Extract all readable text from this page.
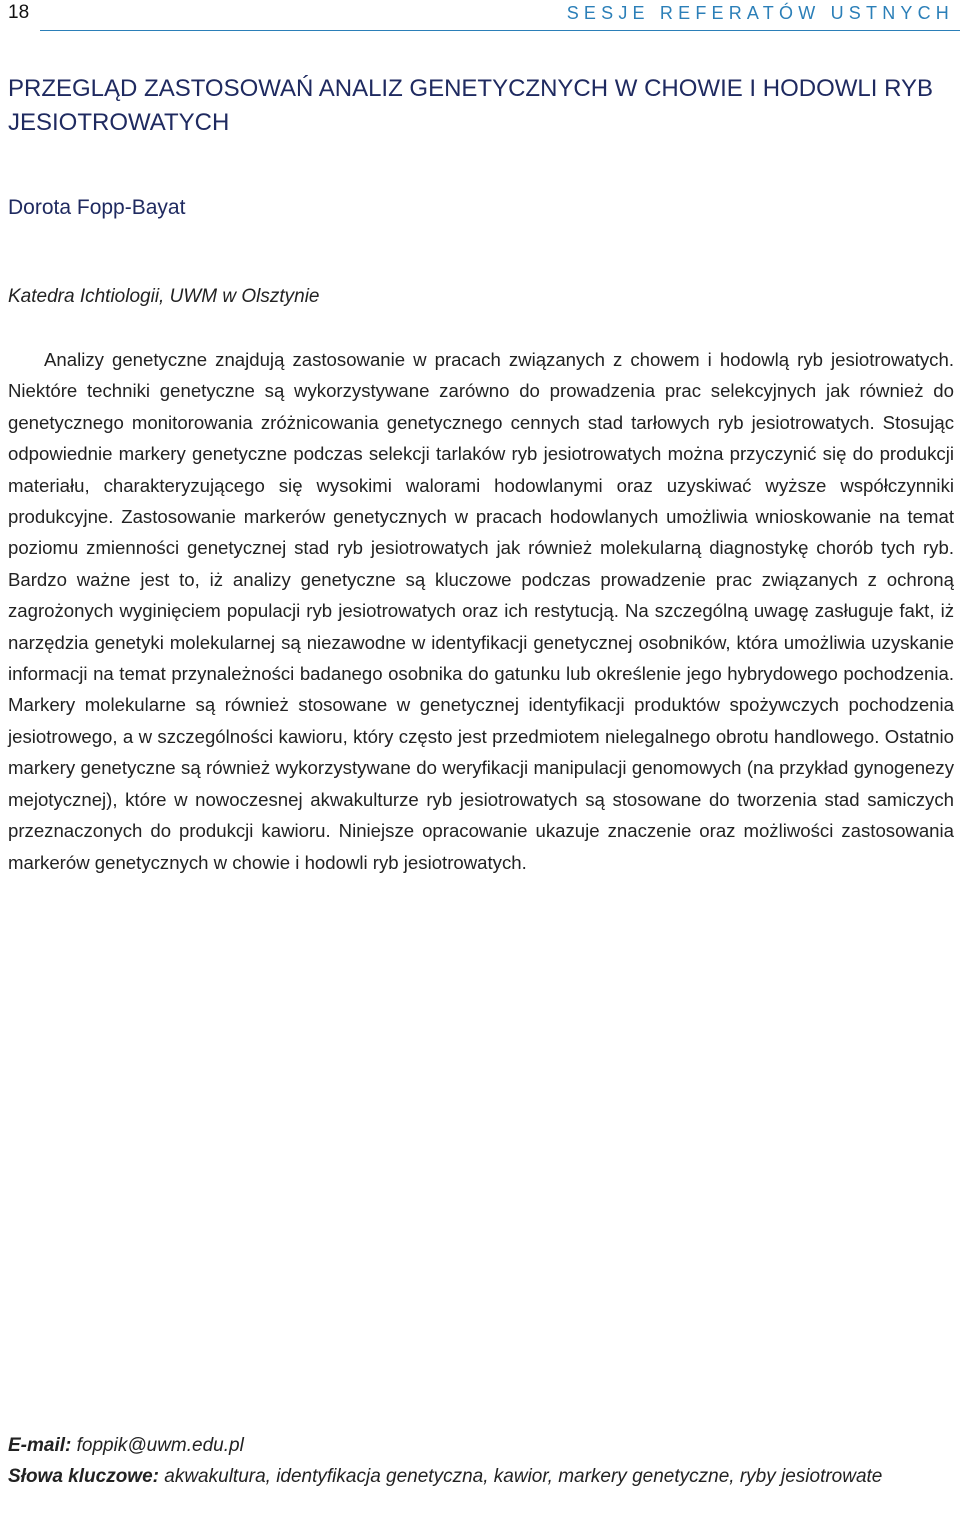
18	SESJE REFERATÓW USTNYCH
PRZEGLĄD ZASTOSOWAŃ ANALIZ GENETYCZNYCH W CHOWIE I HODOWLI RYB JESIOTROWATYCH
Dorota Fopp-Bayat
Katedra Ichtiologii, UWM w Olsztynie

Analizy genetyczne znajdują zastosowanie w pracach związanych z chowem i hodowlą ryb jesiotrowatych. Niektóre techniki genetyczne są wykorzystywane zarówno do prowadzenia prac selekcyjnych jak również do genetycznego monitorowania zróżnicowania genetycznego cennych stad tarłowych ryb jesiotrowatych. Stosując odpowiednie markery genetyczne podczas selekcji tarlaków ryb jesiotrowatych można przyczynić się do produkcji materiału, charakteryzującego się wysokimi walorami hodowlanymi oraz uzyskiwać wyższe współczynniki produkcyjne. Zastosowanie markerów genetycznych w pracach hodowlanych umożliwia wnioskowanie na temat poziomu zmienności genetycznej stad ryb jesiotrowatych jak również molekularną diagnostykę chorób tych ryb. Bardzo ważne jest to, iż analizy genetyczne są kluczowe podczas prowadzenie prac związanych z ochroną zagrożonych wyginięciem populacji ryb jesiotrowatych oraz ich restytucją. Na szczególną uwagę zasługuje fakt, iż narzędzia genetyki molekularnej są niezawodne w identyfikacji genetycznej osobników, która umożliwia uzyskanie informacji na temat przynależności badanego osobnika do gatunku lub określenie jego hybrydowego pochodzenia. Markery molekularne są również stosowane w genetycznej identyfikacji produktów spożywczych pochodzenia jesiotrowego, a w szczególności kawioru, który często jest przedmiotem nielegalnego obrotu handlowego. Ostatnio markery genetyczne są również wykorzystywane do weryfikacji manipulacji genomowych (na przykład gynogenezy mejotycznej), które w nowoczesnej akwakulturze ryb jesiotrowatych są stosowane do tworzenia stad samiczych przeznaczonych do produkcji kawioru. Niniejsze opracowanie ukazuje znaczenie oraz możliwości zastosowania markerów genetycznych w chowie i hodowli ryb jesiotrowatych.

E-mail: foppik@uwm.edu.pl
Słowa kluczowe: akwakultura, identyfikacja genetyczna, kawior, markery genetyczne, ryby jesiotrowate
